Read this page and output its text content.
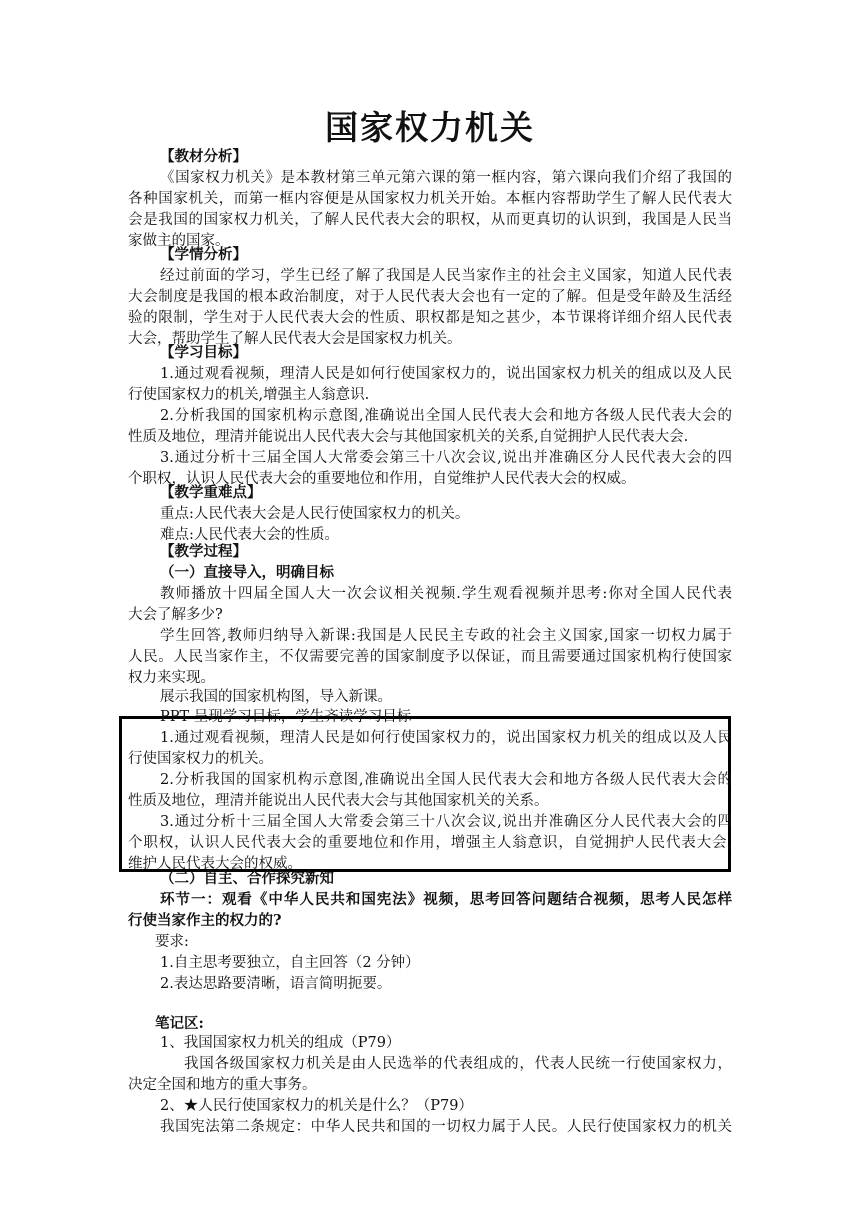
国家权力机关
【教材分析】
《国家权力机关》是本教材第三单元第六课的第一框内容，第六课向我们介绍了我国的
各种国家机关，而第一框内容便是从国家权力机关开始。本框内容帮助学生了解人民代表大
会是我国的国家权力机关，了解人民代表大会的职权，从而更真切的认识到，我国是人民当
家做主的国家。
【学情分析】
经过前面的学习，学生已经了解了我国是人民当家作主的社会主义国家，知道人民代表
大会制度是我国的根本政治制度，对于人民代表大会也有一定的了解。但是受年龄及生活经
验的限制，学生对于人民代表大会的性质、职权都是知之甚少，本节课将详细介绍人民代表
大会，帮助学生了解人民代表大会是国家权力机关。
【学习目标】
1.通过观看视频，理清人民是如何行使国家权力的，说出国家权力机关的组成以及人民
行使国家权力的机关,增强主人翁意识.
2.分析我国的国家机构示意图,准确说出全国人民代表大会和地方各级人民代表大会的
性质及地位，理清并能说出人民代表大会与其他国家机关的关系,自觉拥护人民代表大会.
3.通过分析十三届全国人大常委会第三十八次会议,说出并准确区分人民代表大会的四
个职权，认识人民代表大会的重要地位和作用，自觉维护人民代表大会的权威。
【教学重难点】
重点:人民代表大会是人民行使国家权力的机关。
难点:人民代表大会的性质。
【教学过程】
（一）直接导入，明确目标
教师播放十四届全国人大一次会议相关视频.学生观看视频并思考:你对全国人民代表
大会了解多少?
学生回答,教师归纳导入新课:我国是人民民主专政的社会主义国家,国家一切权力属于
人民。人民当家作主，不仅需要完善的国家制度予以保证，而且需要通过国家机构行使国家
权力来实现。
展示我国的国家机构图，导入新课。
PPT 呈现学习目标，学生齐读学习目标
1.通过观看视频，理清人民是如何行使国家权力的，说出国家权力机关的组成以及人民
行使国家权力的机关。
2.分析我国的国家机构示意图,准确说出全国人民代表大会和地方各级人民代表大会的
性质及地位，理清并能说出人民代表大会与其他国家机关的关系。
3.通过分析十三届全国人大常委会第三十八次会议,说出并准确区分人民代表大会的四
个职权，认识人民代表大会的重要地位和作用，增强主人翁意识，自觉拥护人民代表大会,
维护人民代表大会的权威。
（二）自主、合作探究新知
环节一：观看《中华人民共和国宪法》视频，思考回答问题结合视频，思考人民怎样
行使当家作主的权力的?
要求:
1.自主思考要独立，自主回答（2 分钟）
2.表达思路要清晰，语言简明扼要。
笔记区:
1、我国国家权力机关的组成（P79）
我国各级国家权力机关是由人民选举的代表组成的，代表人民统一行使国家权力，
决定全国和地方的重大事务。
2、★人民行使国家权力的机关是什么？（P79）
我国宪法第二条规定：中华人民共和国的一切权力属于人民。人民行使国家权力的机关
